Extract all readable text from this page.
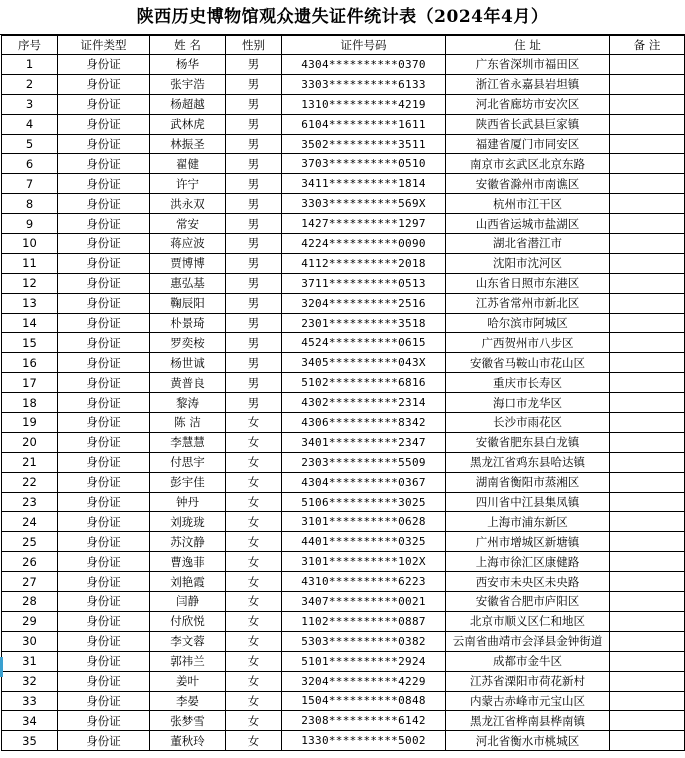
陕西历史博物馆观众遗失证件统计表（2024年4月）
序号	证件类型	姓 名	性别	证件号码	住 址	备 注
1	身份证	杨华	男	4304**********0370	广东省深圳市福田区	
2	身份证	张宇浩	男	3303**********6133	浙江省永嘉县岩坦镇	
3	身份证	杨超越	男	1310**********4219	河北省廊坊市安次区	
4	身份证	武林虎	男	6104**********1611	陕西省长武县巨家镇	
5	身份证	林振圣	男	3502**********3511	福建省厦门市同安区	
6	身份证	翟健	男	3703**********0510	南京市玄武区北京东路	
7	身份证	许宁	男	3411**********1814	安徽省滁州市南谯区	
8	身份证	洪永双	男	3303**********569X	杭州市江干区	
9	身份证	常安	男	1427**********1297	山西省运城市盐湖区	
10	身份证	蒋应波	男	4224**********0090	湖北省潜江市	
11	身份证	贾博博	男	4112**********2018	沈阳市沈河区	
12	身份证	惠弘基	男	3711**********0513	山东省日照市东港区	
13	身份证	鞠辰阳	男	3204**********2516	江苏省常州市新北区	
14	身份证	朴景琦	男	2301**********3518	哈尔滨市阿城区	
15	身份证	罗奕桉	男	4524**********0615	广西贺州市八步区	
16	身份证	杨世诚	男	3405**********043X	安徽省马鞍山市花山区	
17	身份证	黄普良	男	5102**********6816	重庆市长寿区	
18	身份证	黎涛	男	4302**********2314	海口市龙华区	
19	身份证	陈 洁	女	4306**********8342	长沙市雨花区	
20	身份证	李慧慧	女	3401**********2347	安徽省肥东县白龙镇	
21	身份证	付思宇	女	2303**********5509	黑龙江省鸡东县哈达镇	
22	身份证	彭宇佳	女	4304**********0367	湖南省衡阳市蒸湘区	
23	身份证	钟丹	女	5106**********3025	四川省中江县集凤镇	
24	身份证	刘珑珑	女	3101**********0628	上海市浦东新区	
25	身份证	苏汶静	女	4401**********0325	广州市增城区新塘镇	
26	身份证	曹逸菲	女	3101**********102X	上海市徐汇区康健路	
27	身份证	刘艳霞	女	4310**********6223	西安市未央区未央路	
28	身份证	闫静	女	3407**********0021	安徽省合肥市庐阳区	
29	身份证	付欣悦	女	1102**********0887	北京市顺义区仁和地区	
30	身份证	李文蓉	女	5303**********0382	云南省曲靖市会泽县金钟街道	
31	身份证	郭祎兰	女	5101**********2924	成都市金牛区	
32	身份证	姜叶	女	3204**********4229	江苏省溧阳市荷花新村	
33	身份证	李晏	女	1504**********0848	内蒙古赤峰市元宝山区	
34	身份证	张梦雪	女	2308**********6142	黑龙江省桦南县桦南镇	
35	身份证	董秋玲	女	1330**********5002	河北省衡水市桃城区	
